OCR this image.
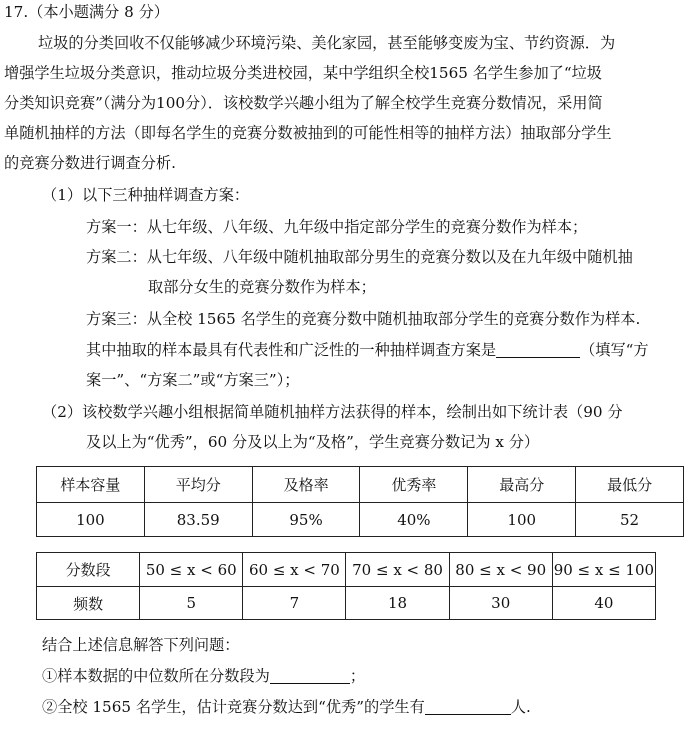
17.（本小题满分 8 分）
垃圾的分类回收不仅能够减少环境污染、美化家园，甚至能够变废为宝、节约资源．为
增强学生垃圾分类意识，推动垃圾分类进校园，某中学组织全校1565 名学生参加了“垃圾
分类知识竞赛”（满分为100分）．该校数学兴趣小组为了解全校学生竞赛分数情况，采用简
单随机抽样的方法（即每名学生的竞赛分数被抽到的可能性相等的抽样方法）抽取部分学生
的竞赛分数进行调查分析.
（1）以下三种抽样调查方案：
方案一：从七年级、八年级、九年级中指定部分学生的竞赛分数作为样本；
方案二：从七年级、八年级中随机抽取部分男生的竞赛分数以及在九年级中随机抽
取部分女生的竞赛分数作为样本；
方案三：从全校 1565 名学生的竞赛分数中随机抽取部分学生的竞赛分数作为样本.
其中抽取的样本最具有代表性和广泛性的一种抽样调查方案是	（填写“方
案一”、“方案二”或“方案三”）；
（2）该校数学兴趣小组根据简单随机抽样方法获得的样本，绘制出如下统计表（90 分
及以上为“优秀”，60 分及以上为“及格”，学生竞赛分数记为 x 分）
样本容量	平均分	及格率	优秀率	最高分	最低分
100	83.59	95%	40%	100	52
分数段	50 ≤ x < 60	60 ≤ x < 70	70 ≤ x < 80	80 ≤ x < 90	90 ≤ x ≤ 100
频数	5	7	18	30	40
结合上述信息解答下列问题：
①样本数据的中位数所在分数段为	；
②全校 1565 名学生，估计竞赛分数达到“优秀”的学生有	人.
